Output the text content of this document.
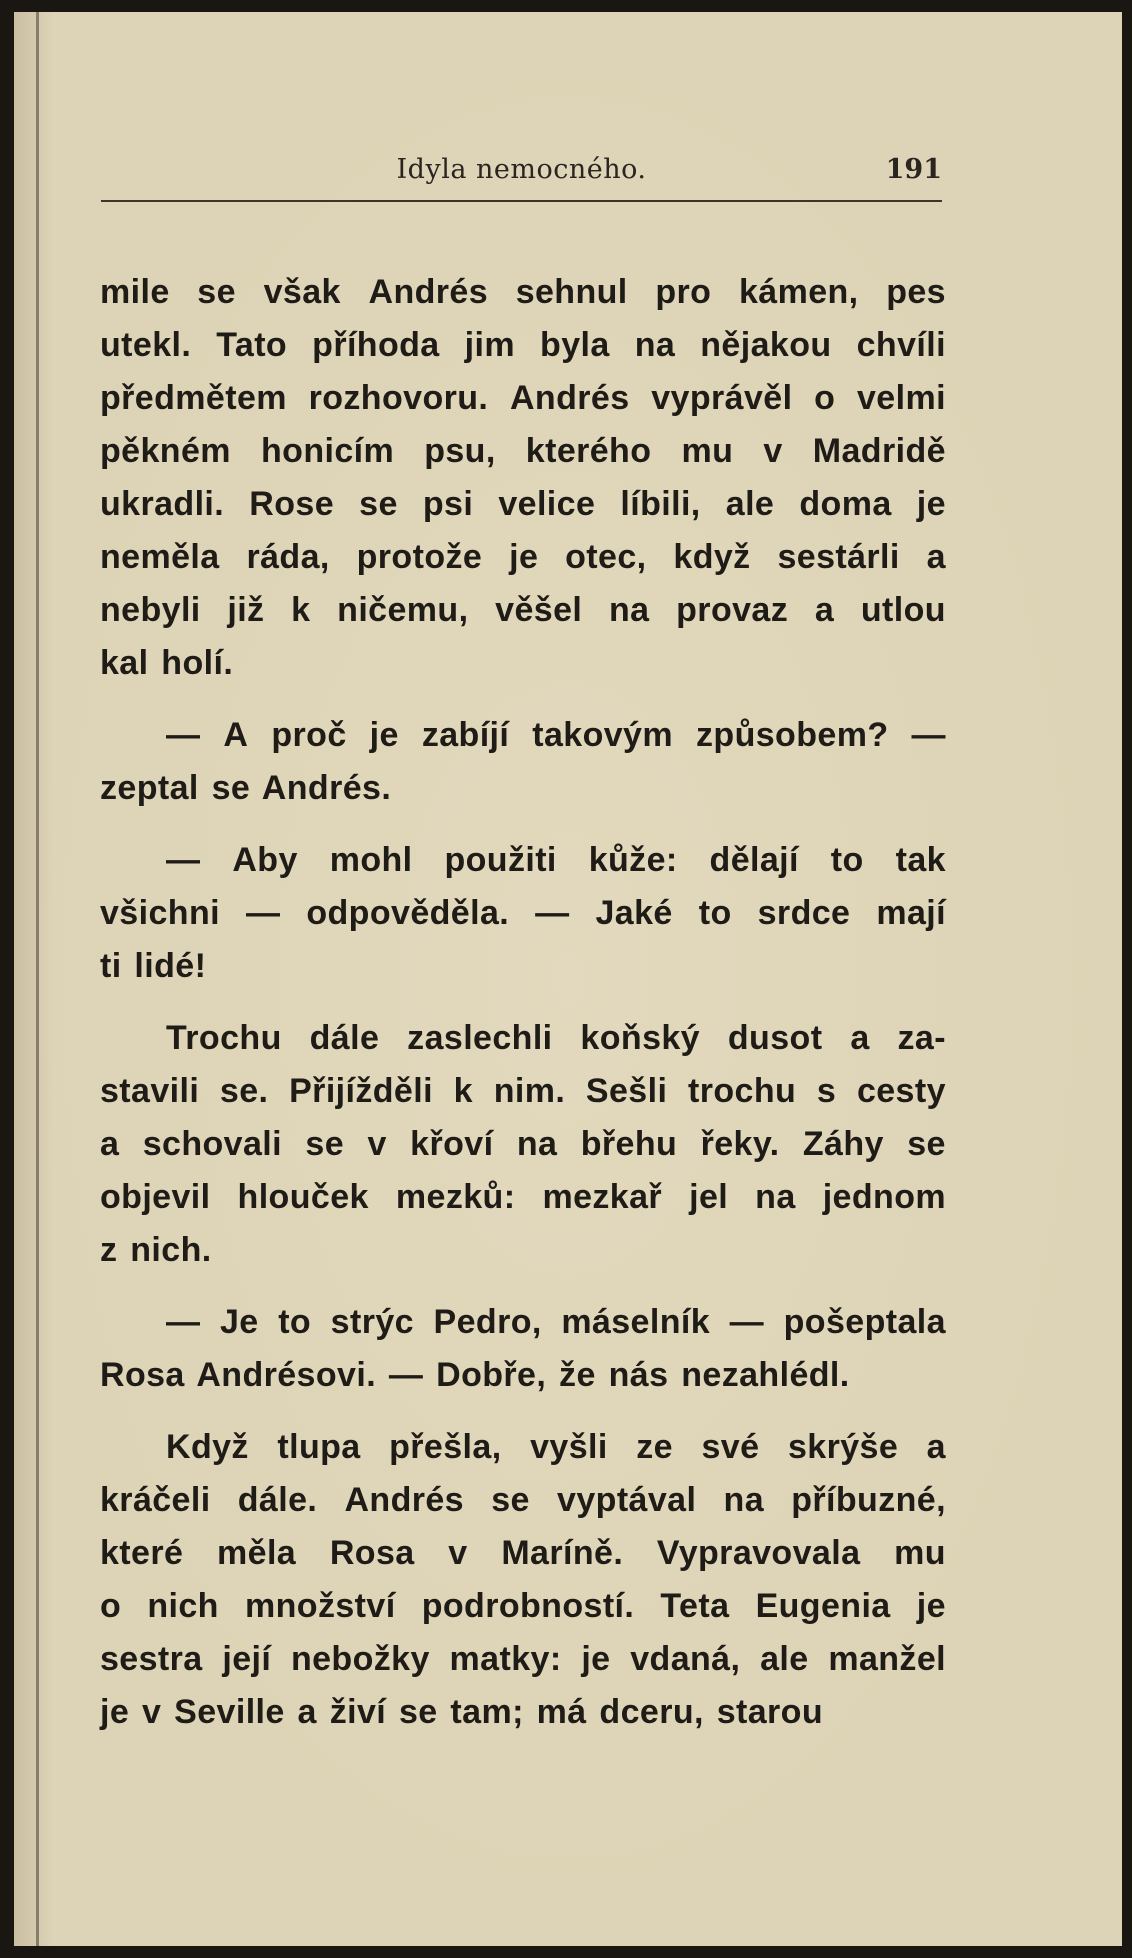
Idyla nemocného.	191
mile se však Andrés sehnul pro kámen, pes
utekl. Tato příhoda jim byla na nějakou chvíli
předmětem rozhovoru. Andrés vyprávěl o velmi
pěkném honicím psu, kterého mu v Madridě
ukradli. Rose se psi velice líbili, ale doma je
neměla ráda, protože je otec, když sestárli a
nebyli již k ničemu, věšel na provaz a utlou
kal holí.
— A proč je zabíjí takovým způsobem? —
zeptal se Andrés.
— Aby mohl použiti kůže: dělají to tak
všichni — odpověděla. — Jaké to srdce mají
ti lidé!
Trochu dále zaslechli koňský dusot a za-
stavili se. Přijížděli k nim. Sešli trochu s cesty
a schovali se v křoví na břehu řeky. Záhy se
objevil hlouček mezků: mezkař jel na jednom
z nich.
— Je to strýc Pedro, máselník — pošeptala
Rosa Andrésovi. — Dobře, že nás nezahlédl.
Když tlupa přešla, vyšli ze své skrýše a
kráčeli dále. Andrés se vyptával na příbuzné,
které měla Rosa v Maríně. Vypravovala mu
o nich množství podrobností. Teta Eugenia je
sestra její nebožky matky: je vdaná, ale manžel
je v Seville a živí se tam; má dceru, starou
